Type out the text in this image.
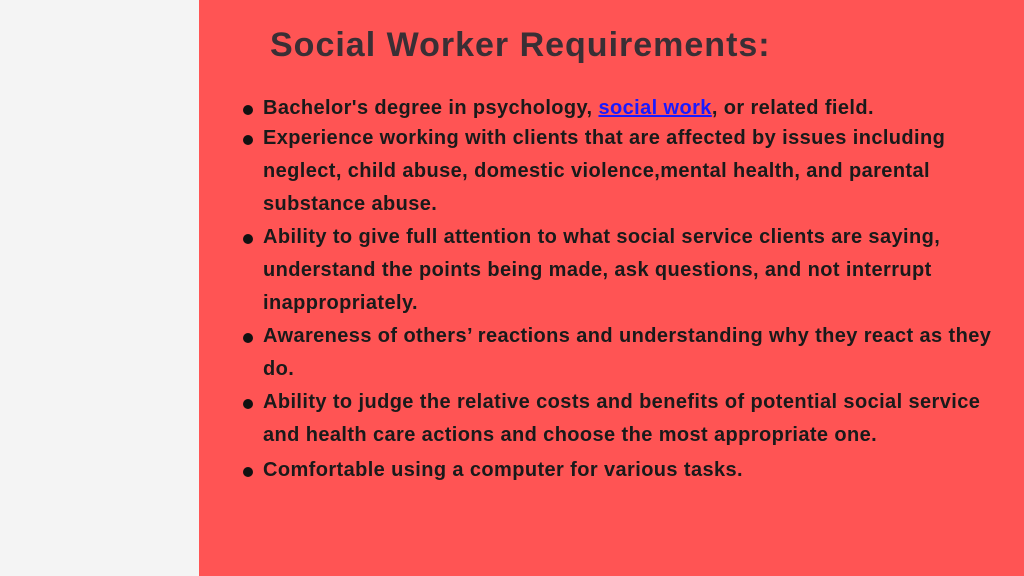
Social Worker Requirements:
Bachelor's degree in psychology, social work, or related field.
Experience working with clients that are affected by issues including neglect, child abuse, domestic violence,mental health, and parental substance abuse.
Ability to give full attention to what social service clients are saying, understand the points being made, ask questions, and not interrupt inappropriately.
Awareness of others’ reactions and understanding why they react as they do.
Ability to judge the relative costs and benefits of potential social service and health care actions and choose the most appropriate one.
Comfortable using a computer for various tasks.
